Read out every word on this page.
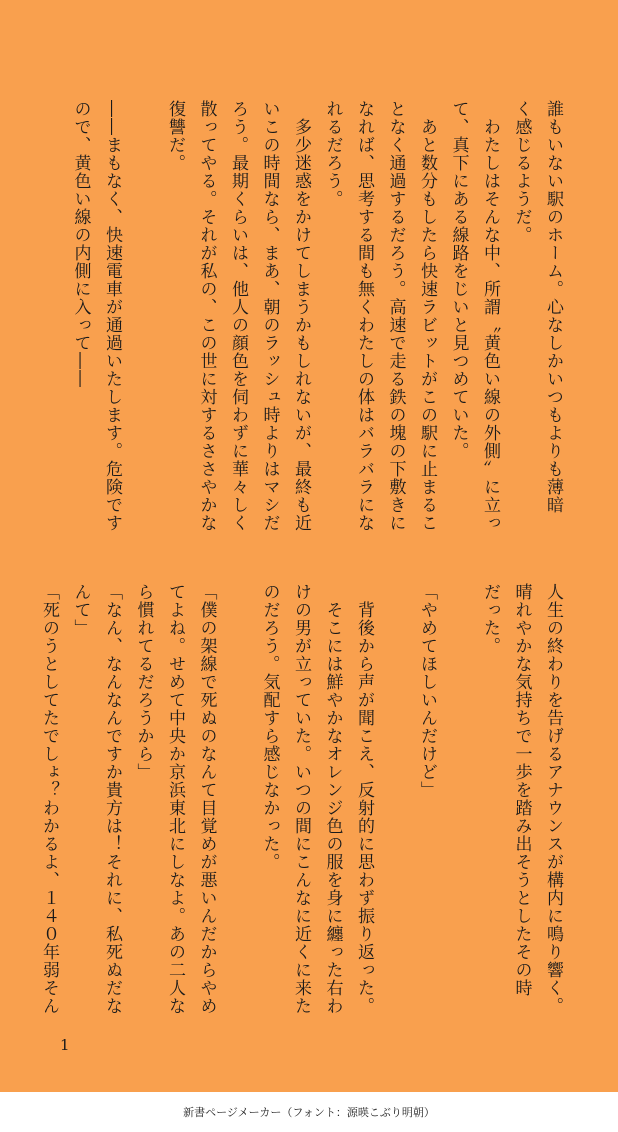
誰もいない駅のホーム。心なしかいつもよりも薄暗
く感じるようだ。
　わたしはそんな中、所謂〝黄色い線の外側〟に立っ
て、真下にある線路をじいと見つめていた。
　あと数分もしたら快速ラビットがこの駅に止まるこ
となく通過するだろう。高速で走る鉄の塊の下敷きに
なれば、思考する間も無くわたしの体はバラバラにな
れるだろう。
　多少迷惑をかけてしまうかもしれないが、最終も近
いこの時間なら、まあ、朝のラッシュ時よりはマシだ
ろう。最期くらいは、他人の顔色を伺わずに華々しく
散ってやる。それが私の、この世に対するささやかな
復讐だ。

――まもなく、快速電車が通過いたします。危険です
ので、黄色い線の内側に入って――
人生の終わりを告げるアナウンスが構内に鳴り響く。
晴れやかな気持ちで一歩を踏み出そうとしたその時
だった。

「やめてほしいんだけど」

　背後から声が聞こえ、反射的に思わず振り返った。
　そこには鮮やかなオレンジ色の服を身に纏った右わ
けの男が立っていた。いつの間にこんなに近くに来た
のだろう。気配すら感じなかった。

「僕の架線で死ぬのなんて目覚めが悪いんだからやめ
てよね。せめて中央か京浜東北にしなよ。あの二人な
ら慣れてるだろうから」
「なん、なんなんですか貴方は！それに、私死ぬだな
んて」
「死のうとしてたでしょ？わかるよ、１４０年弱そん
1
新書ページメーカー（フォント：源暎こぶり明朝）
